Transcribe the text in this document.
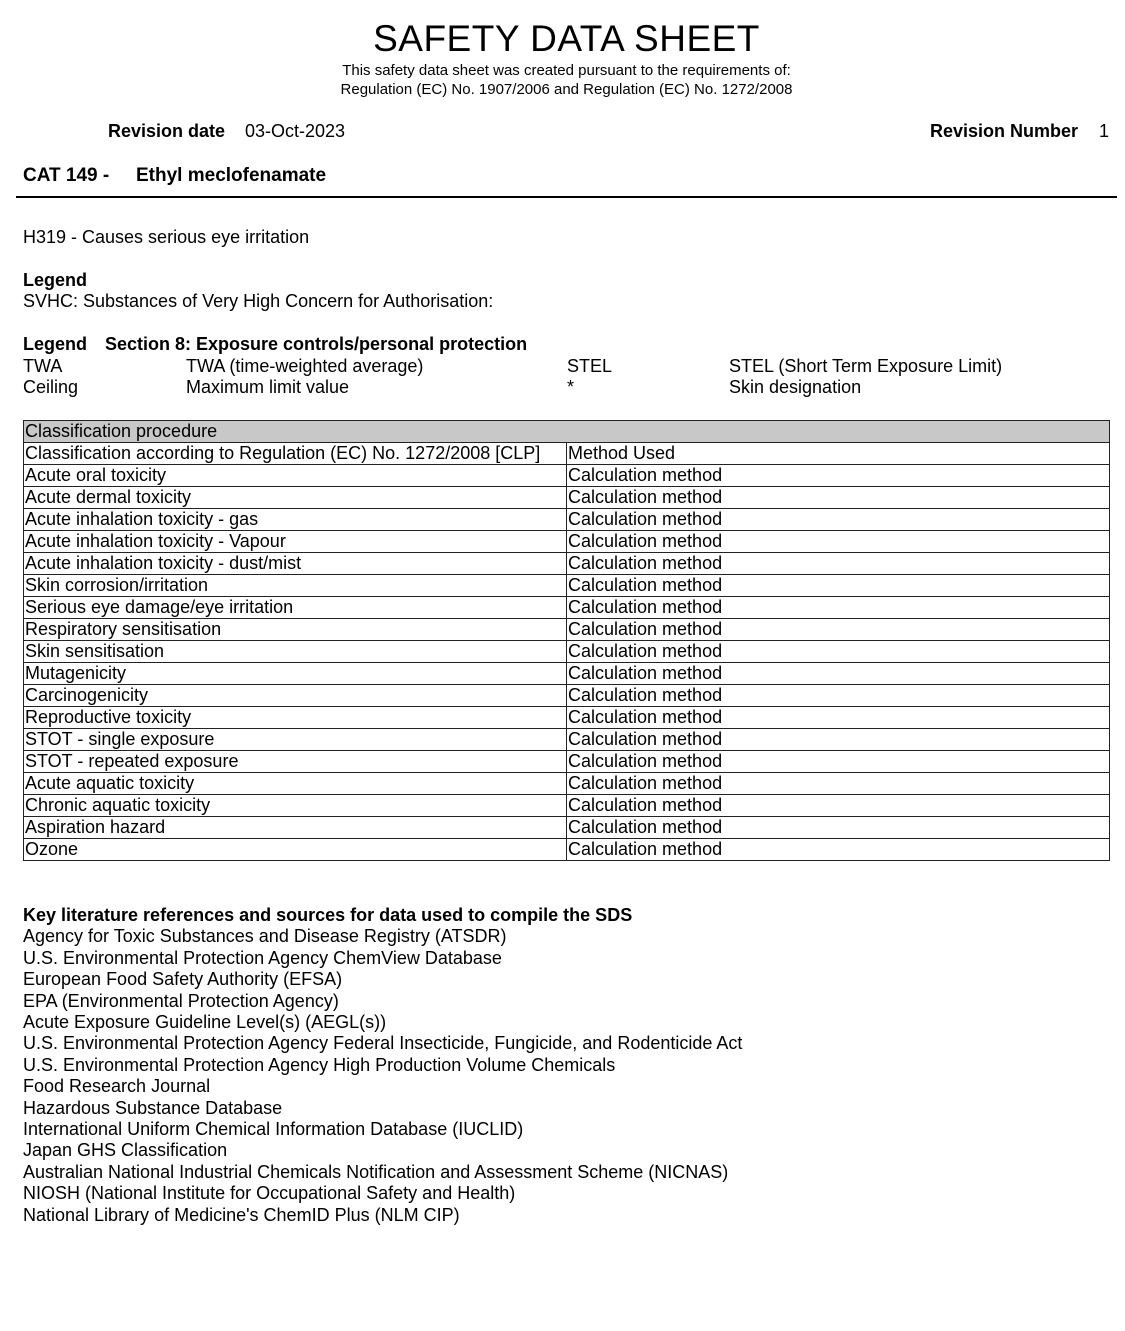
SAFETY DATA SHEET
This safety data sheet was created pursuant to the requirements of:
Regulation (EC) No. 1907/2006 and Regulation (EC) No. 1272/2008
Revision date 03-Oct-2023	Revision Number 1
CAT 149 - Ethyl meclofenamate
H319 - Causes serious eye irritation
Legend
SVHC: Substances of Very High Concern for Authorisation:
Legend Section 8: Exposure controls/personal protection
TWA	TWA (time-weighted average)	STEL	STEL (Short Term Exposure Limit)
Ceiling	Maximum limit value	*	Skin designation
Classification procedure	
Classification according to Regulation (EC) No. 1272/2008 [CLP]	Method Used
Acute oral toxicity	Calculation method
Acute dermal toxicity	Calculation method
Acute inhalation toxicity - gas	Calculation method
Acute inhalation toxicity - Vapour	Calculation method
Acute inhalation toxicity - dust/mist	Calculation method
Skin corrosion/irritation	Calculation method
Serious eye damage/eye irritation	Calculation method
Respiratory sensitisation	Calculation method
Skin sensitisation	Calculation method
Mutagenicity	Calculation method
Carcinogenicity	Calculation method
Reproductive toxicity	Calculation method
STOT - single exposure	Calculation method
STOT - repeated exposure	Calculation method
Acute aquatic toxicity	Calculation method
Chronic aquatic toxicity	Calculation method
Aspiration hazard	Calculation method
Ozone	Calculation method
Key literature references and sources for data used to compile the SDS
Agency for Toxic Substances and Disease Registry (ATSDR)
U.S. Environmental Protection Agency ChemView Database
European Food Safety Authority (EFSA)
EPA (Environmental Protection Agency)
Acute Exposure Guideline Level(s) (AEGL(s))
U.S. Environmental Protection Agency Federal Insecticide, Fungicide, and Rodenticide Act
U.S. Environmental Protection Agency High Production Volume Chemicals
Food Research Journal
Hazardous Substance Database
International Uniform Chemical Information Database (IUCLID)
Japan GHS Classification
Australian National Industrial Chemicals Notification and Assessment Scheme (NICNAS)
NIOSH (National Institute for Occupational Safety and Health)
National Library of Medicine's ChemID Plus (NLM CIP)
